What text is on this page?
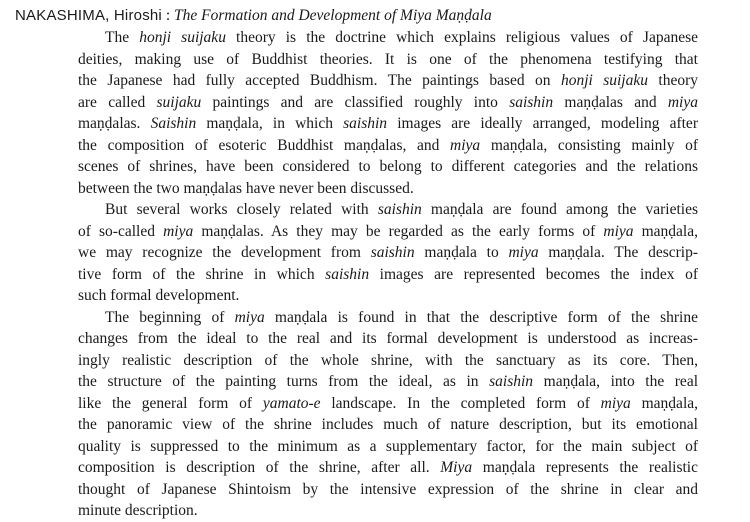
NAKASHIMA, Hiroshi : The Formation and Development of Miya Maṇḍala
The honji suijaku theory is the doctrine which explains religious values of Japanese
deities, making use of Buddhist theories. It is one of the phenomena testifying that
the Japanese had fully accepted Buddhism. The paintings based on honji suijaku theory
are called suijaku paintings and are classified roughly into saishin maṇḍalas and miya
maṇḍalas. Saishin maṇḍala, in which saishin images are ideally arranged, modeling after
the composition of esoteric Buddhist maṇḍalas, and miya maṇḍala, consisting mainly of
scenes of shrines, have been considered to belong to different categories and the relations
between the two maṇḍalas have never been discussed.
But several works closely related with saishin maṇḍala are found among the varieties
of so-called miya maṇḍalas. As they may be regarded as the early forms of miya maṇḍala,
we may recognize the development from saishin maṇḍala to miya maṇḍala. The descrip-
tive form of the shrine in which saishin images are represented becomes the index of
such formal development.
The beginning of miya maṇḍala is found in that the descriptive form of the shrine
changes from the ideal to the real and its formal development is understood as increas-
ingly realistic description of the whole shrine, with the sanctuary as its core. Then,
the structure of the painting turns from the ideal, as in saishin maṇḍala, into the real
like the general form of yamato-e landscape. In the completed form of miya maṇḍala,
the panoramic view of the shrine includes much of nature description, but its emotional
quality is suppressed to the minimum as a supplementary factor, for the main subject of
composition is description of the shrine, after all. Miya maṇḍala represents the realistic
thought of Japanese Shintoism by the intensive expression of the shrine in clear and
minute description.
